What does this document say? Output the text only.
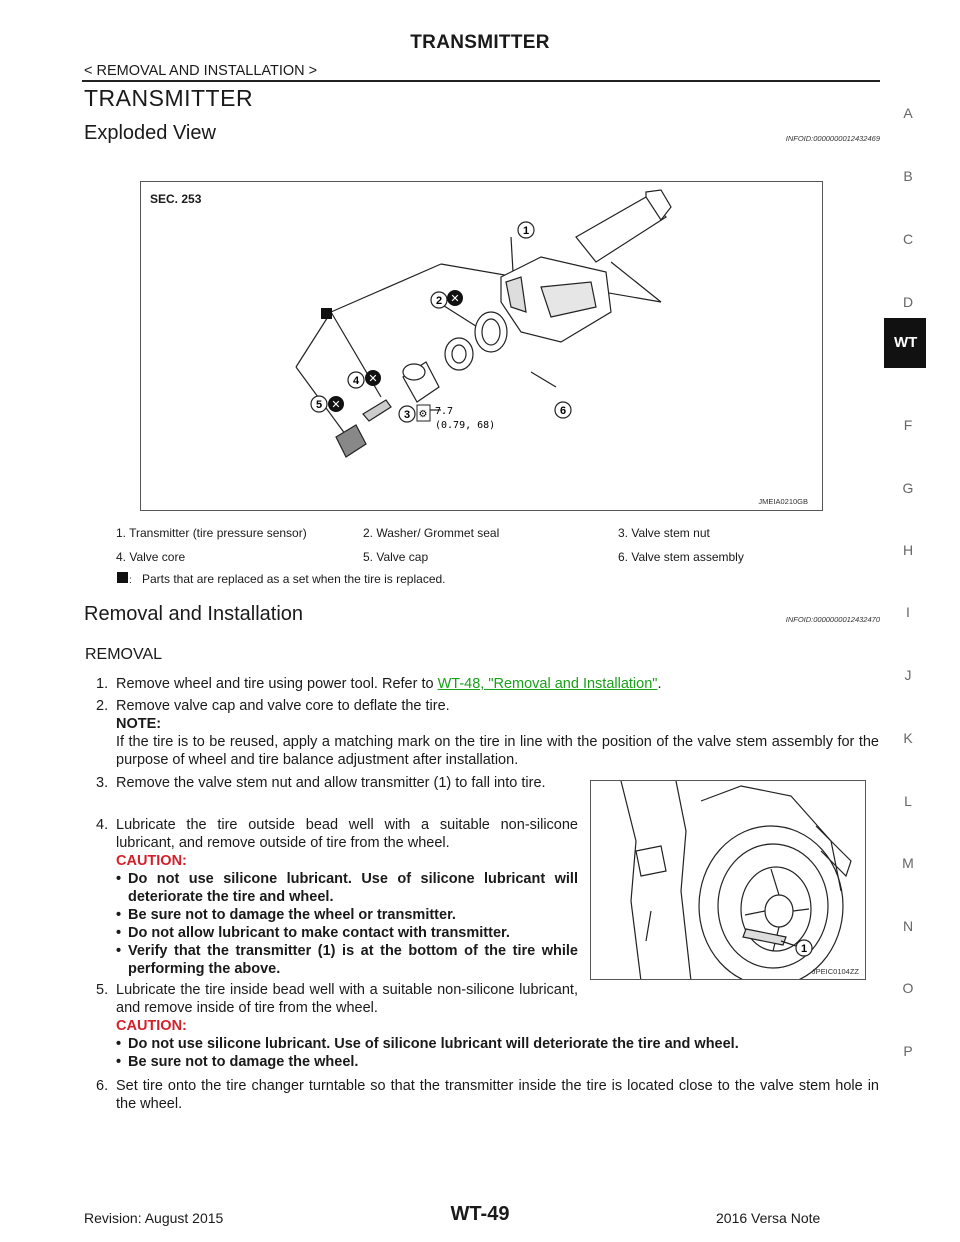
TRANSMITTER
< REMOVAL AND INSTALLATION >
A
B
C
D
F
G
H
I
J
K
L
M
N
O
P
WT
TRANSMITTER
Exploded View	INFOID:0000000012432469
1
2 ✕
4 ✕
5 ✕
3 ⚙ 7.7
(0.79, 68)
6
SEC. 253
JMEIA0210GB
1. Transmitter (tire pressure sensor)	2. Washer/ Grommet seal	3. Valve stem nut
4. Valve core	5. Valve cap	6. Valve stem assembly
: Parts that are replaced as a set when the tire is replaced.
Removal and Installation	INFOID:0000000012432470
REMOVAL
1. Remove wheel and tire using power tool. Refer to WT-48, "Removal and Installation".
2. Remove valve cap and valve core to deflate the tire.
NOTE:
If the tire is to be reused, apply a matching mark on the tire in line with the position of the valve stem assembly for the purpose of wheel and tire balance adjustment after installation.
3. Remove the valve stem nut and allow transmitter (1) to fall into tire.
4. Lubricate the tire outside bead well with a suitable non-silicone lubricant, and remove outside of tire from the wheel.
CAUTION:
• Do not use silicone lubricant. Use of silicone lubricant will deteriorate the tire and wheel.
• Be sure not to damage the wheel or transmitter.
• Do not allow lubricant to make contact with transmitter.
• Verify that the transmitter (1) is at the bottom of the tire while performing the above.
1
JPEIC0104ZZ
5. Lubricate the tire inside bead well with a suitable non-silicone lubricant, and remove inside of tire from the wheel.
CAUTION:
• Do not use silicone lubricant. Use of silicone lubricant will deteriorate the tire and wheel.
• Be sure not to damage the wheel.
6. Set tire onto the tire changer turntable so that the transmitter inside the tire is located close to the valve stem hole in the wheel.
Revision: August 2015	WT-49	2016 Versa Note
